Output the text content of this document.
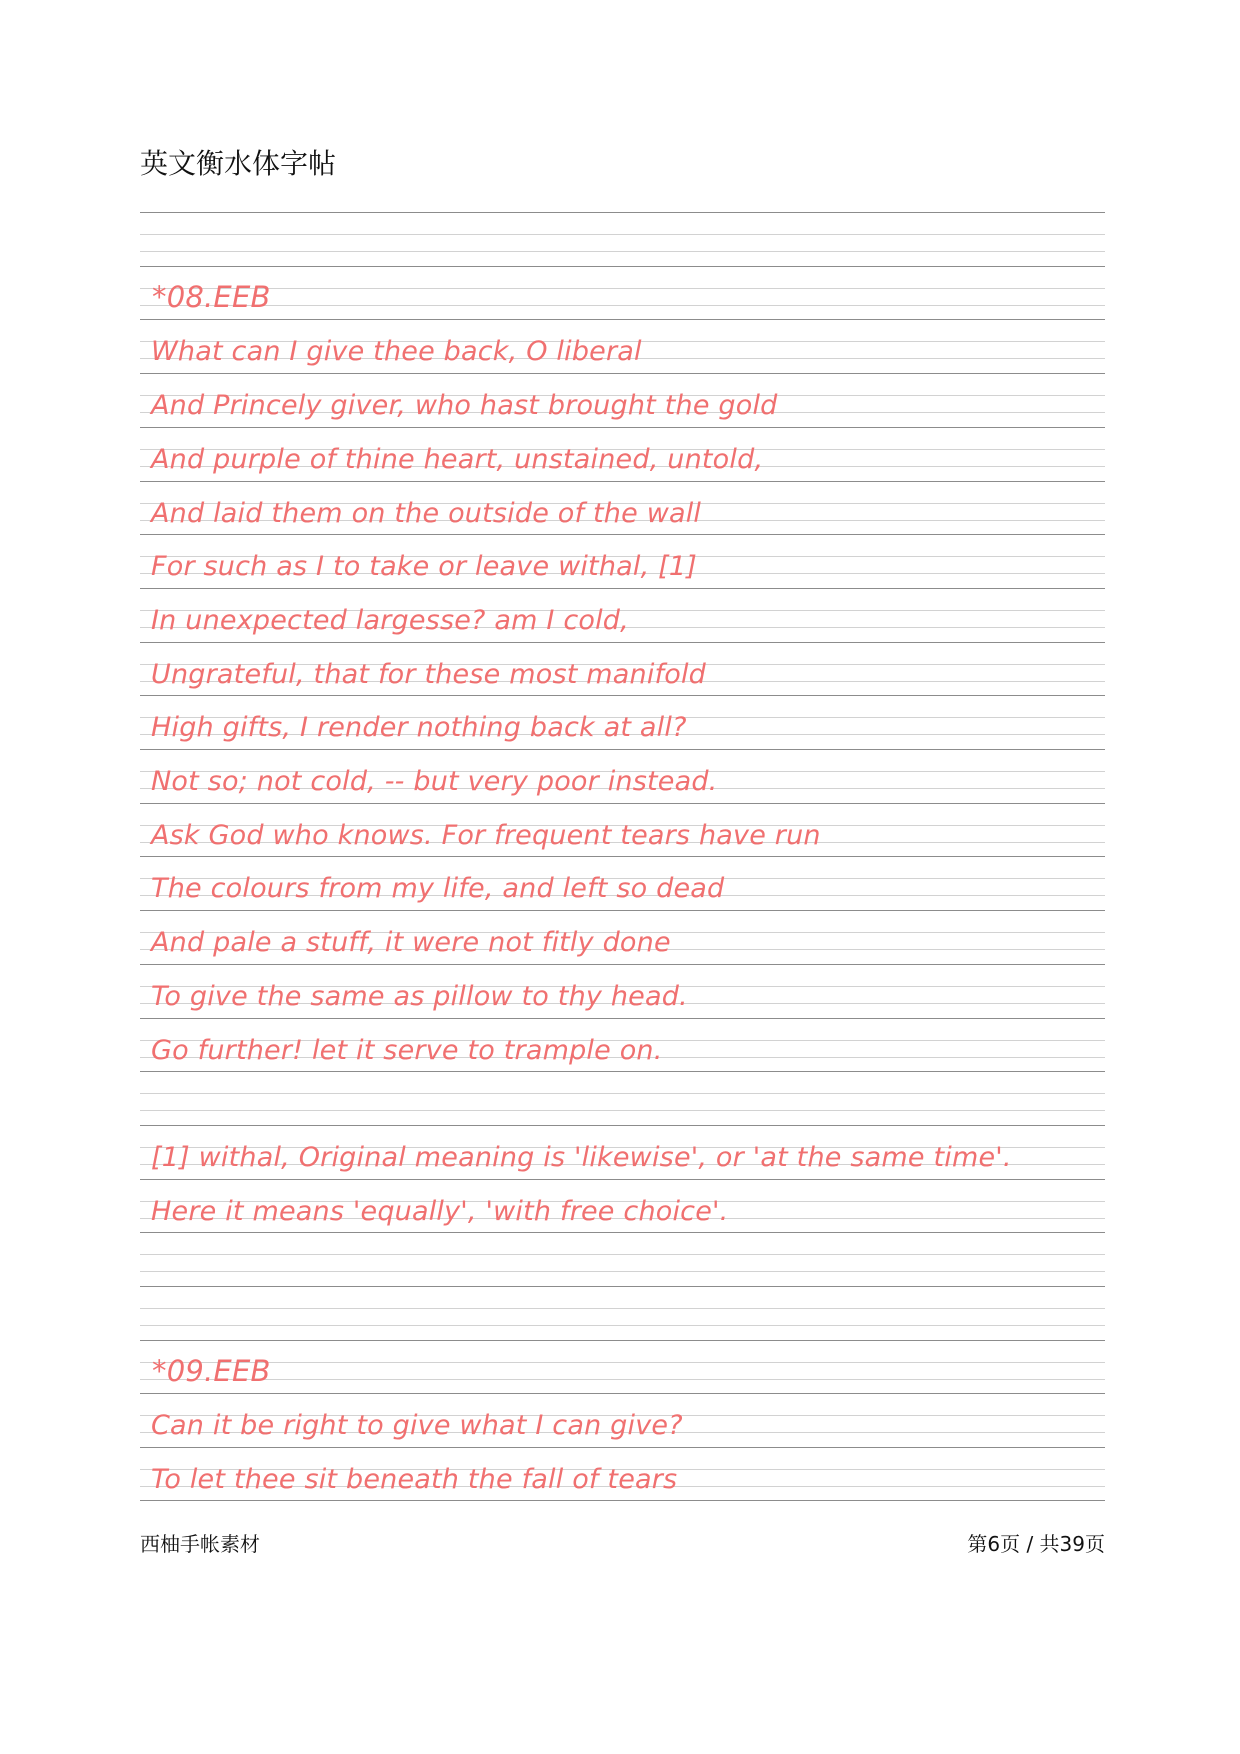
英文衡水体字帖
*08.EEB
What can I give thee back, O liberal
And Princely giver, who hast brought the gold
And purple of thine heart, unstained, untold,
And laid them on the outside of the wall
For such as I to take or leave withal, [1]
In unexpected largesse? am I cold,
Ungrateful, that for these most manifold
High gifts, I render nothing back at all?
Not so; not cold, -- but very poor instead.
Ask God who knows. For frequent tears have run
The colours from my life, and left so dead
And pale a stuff, it were not fitly done
To give the same as pillow to thy head.
Go further! let it serve to trample on.
[1] withal, Original meaning is 'likewise', or 'at the same time'.
Here it means 'equally', 'with free choice'.
*09.EEB
Can it be right to give what I can give?
To let thee sit beneath the fall of tears
西柚手帐素材	第6页 / 共39页
